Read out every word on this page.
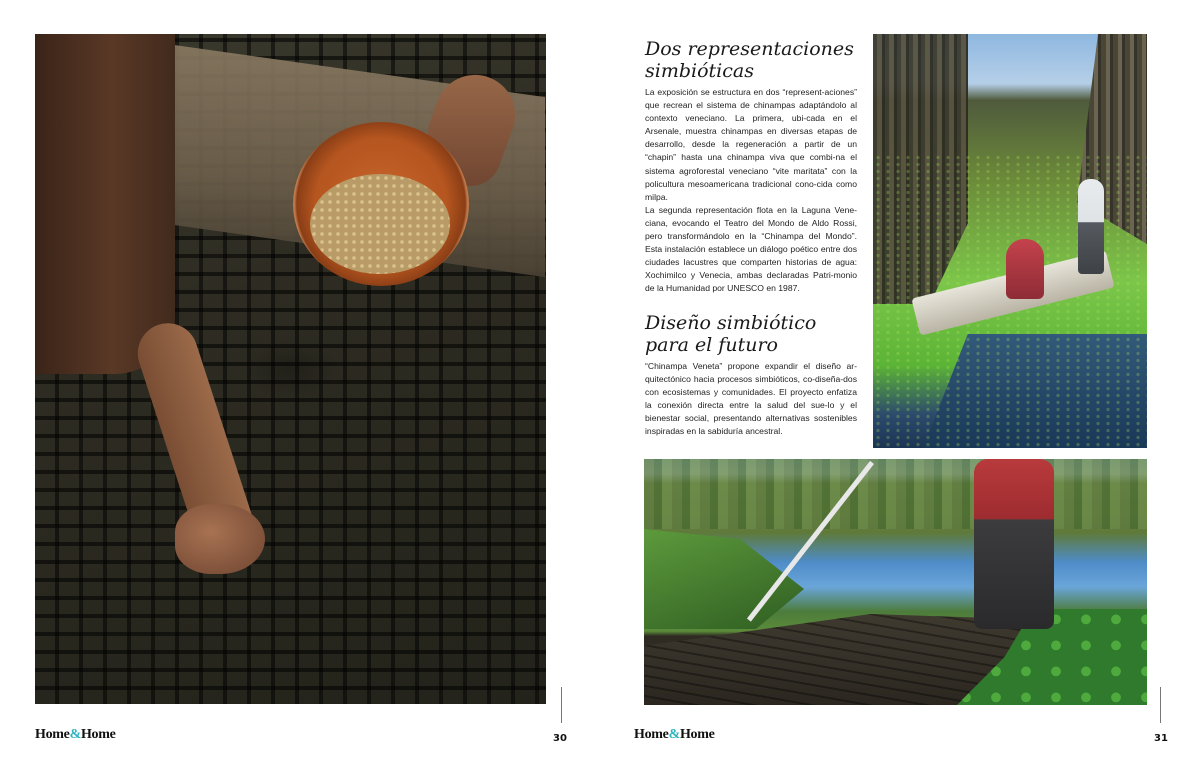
Home&Home	30
Dos representaciones simbióticas

La exposición se estructura en dos “represent-aciones” que recrean el sistema de chinampas adaptándolo al contexto veneciano. La primera, ubi-cada en el Arsenale, muestra chinampas en diversas etapas de desarrollo, desde la regeneración a partir de un “chapin” hasta una chinampa viva que combi-na el sistema agroforestal veneciano “vite maritata” con la policultura mesoamericana tradicional cono-cida como milpa.

La segunda representación flota en la Laguna Vene-ciana, evocando el Teatro del Mondo de Aldo Rossi, pero transformándolo en la “Chinampa del Mondo”. Esta instalación establece un diálogo poético entre dos ciudades lacustres que comparten historias de agua: Xochimilco y Venecia, ambas declaradas Patri-monio de la Humanidad por UNESCO en 1987.

Diseño simbiótico para el futuro

“Chinampa Veneta” propone expandir el diseño ar-quitectónico hacia procesos simbióticos, co-diseña-dos con ecosistemas y comunidades. El proyecto enfatiza la conexión directa entre la salud del sue-lo y el bienestar social, presentando alternativas sostenibles inspiradas en la sabiduría ancestral.

Home&Home	31
